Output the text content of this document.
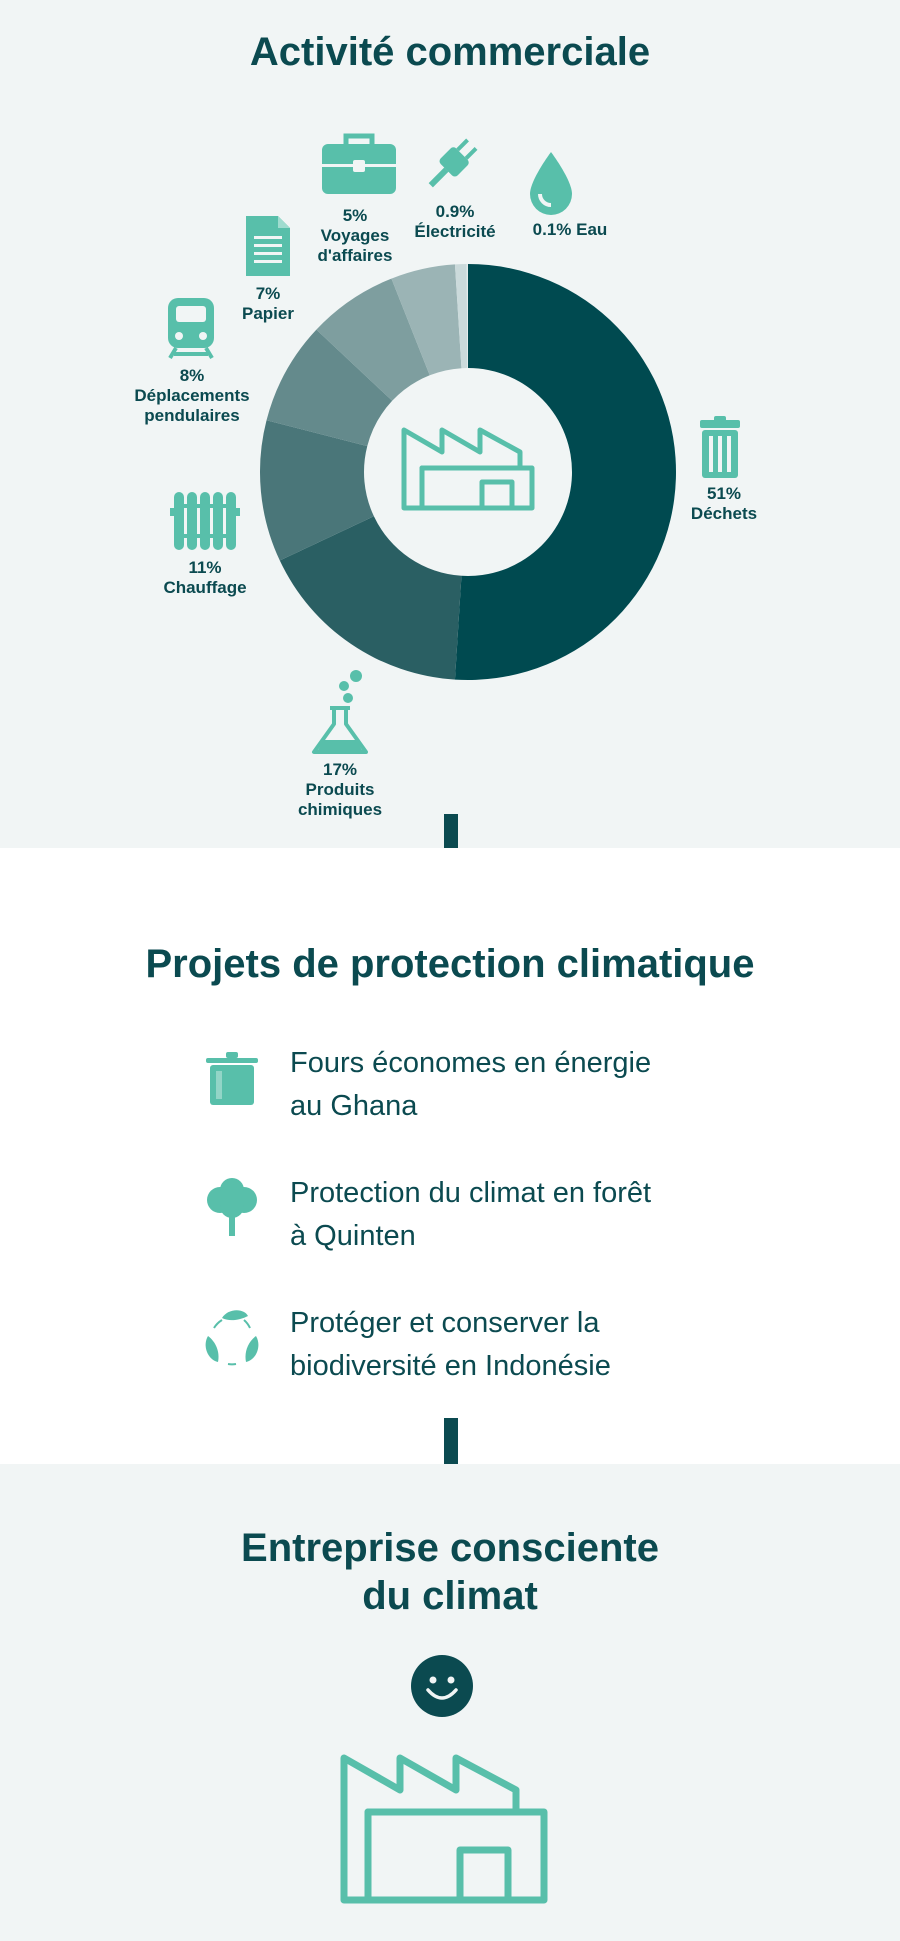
Activité commerciale
51%
Déchets
17%
Produits
chimiques
11%
Chauffage
8%
Déplacements
pendulaires
7%
Papier
5%
Voyages
d'affaires
0.9%
Électricité	0.1% Eau
Projets de protection climatique
Fours économes en énergie
au Ghana
Protection du climat en forêt
à Quinten
Protéger et conserver la
biodiversité en Indonésie
Entreprise consciente
du climat
